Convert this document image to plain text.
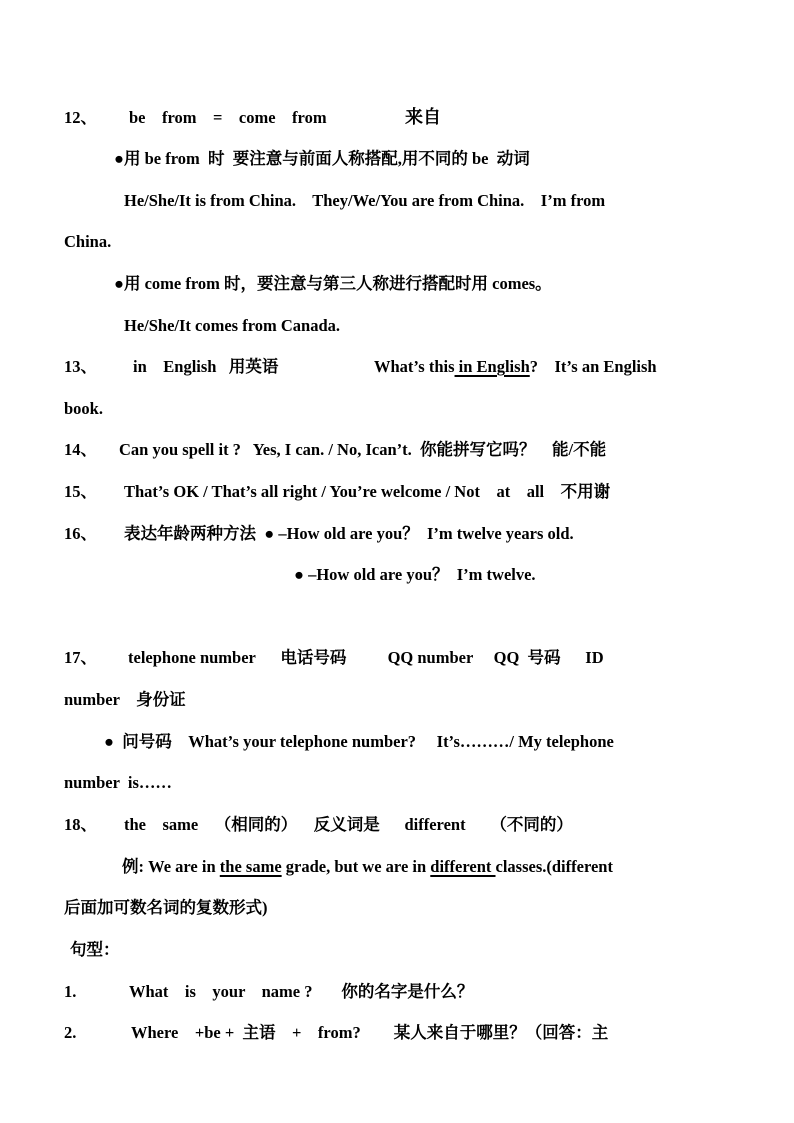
12、 be    from    =    come    from	来自
●用 be from  时  要注意与前面人称搭配,用不同的 be  动词
He/She/It is from China.    They/We/You are from China.    I’m from
China.
●用 come from 时，要注意与第三人称进行搭配时用 comes。
He/She/It comes from Canada.
13、 in    English   用英语	What’s this in English?    It’s an English
book.
14、 Can you spell it ?   Yes, I can. / No, Ican’t.  你能拼写它吗？    能/不能
15、 That’s OK / That’s all right / You’re welcome / Not    at    all    不用谢
16、 表达年龄两种方法  ● –How old are you？  I’m twelve years old.
● –How old are you？  I’m twelve.
17、 telephone number      电话号码          QQ number     QQ  号码      ID
number    身份证
●  问号码    What’s your telephone number?     It’s………/ My telephone
number  is……
18、 the    same    （相同的）    反义词是      different      （不同的）
例: We are in the same grade, but we are in different classes.(different
后面加可数名词的复数形式)
句型：
1.	What    is    your    name ?       你的名字是什么？
2.	Where    +be +  主语    +    from?        某人来自于哪里？（回答：主
